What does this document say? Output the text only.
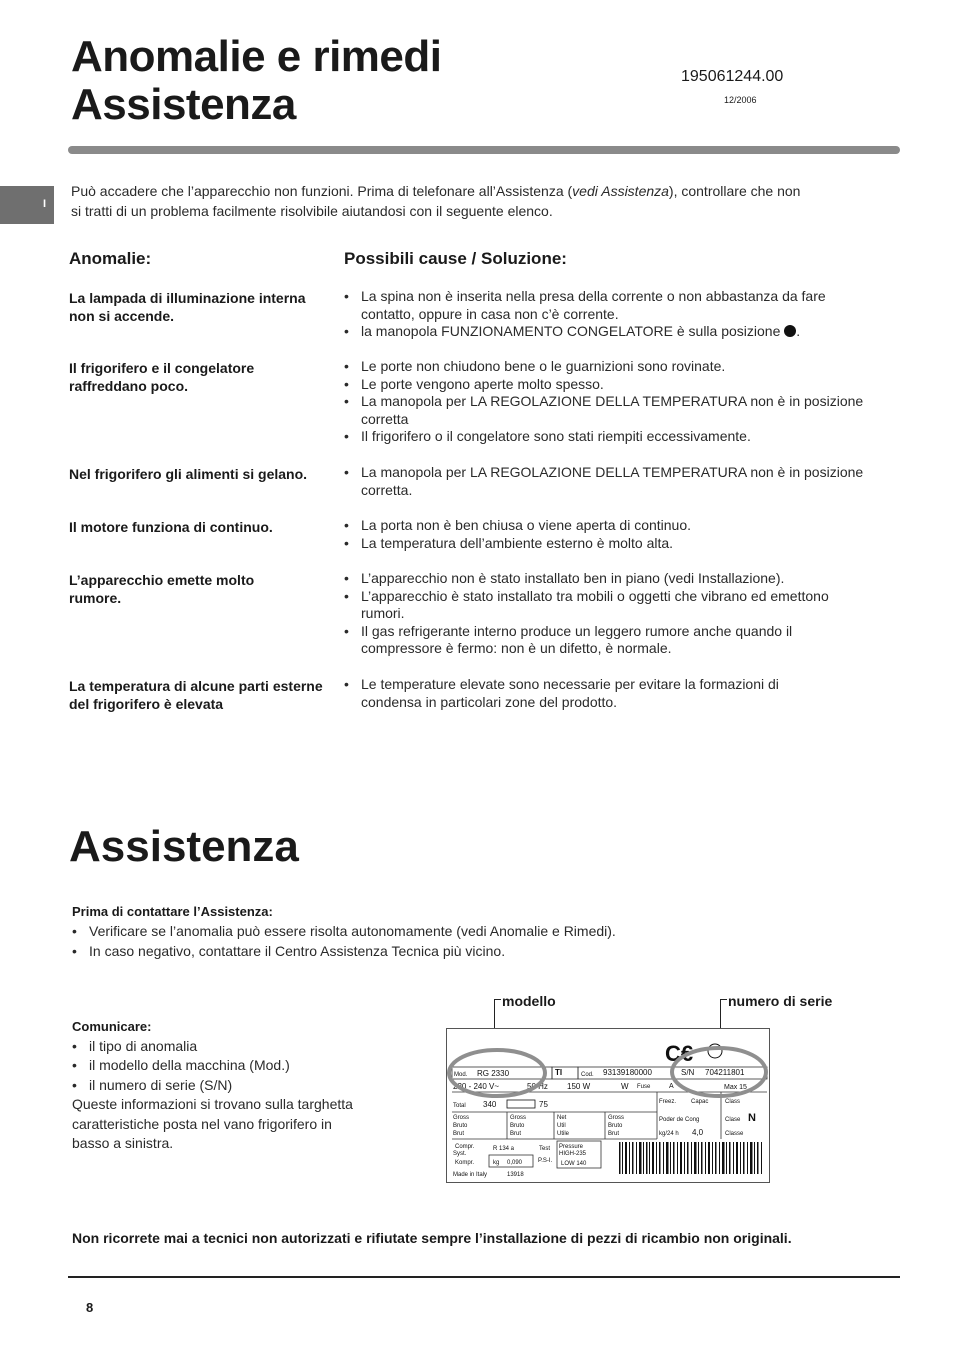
Anomalie e rimedi
Assistenza
195061244.00
12/2006
I

Può accadere che l’apparecchio non funzioni. Prima di telefonare all’Assistenza (vedi Assistenza), controllare che non si tratti di un problema facilmente risolvibile aiutandosi con il seguente elenco.

Anomalie:	Possibili cause / Soluzione:
La lampada di illuminazione interna non si accende.
• La spina non è inserita nella presa della corrente o non abbastanza da fare contatto, oppure in casa non c’è corrente.
• la manopola FUNZIONAMENTO CONGELATORE è sulla posizione .
Il frigorifero e il congelatore raffreddano poco.
• Le porte non chiudono bene o le guarnizioni sono rovinate.
• Le porte vengono aperte molto spesso.
• La manopola per LA REGOLAZIONE DELLA TEMPERATURA non è in posizione corretta
• Il frigorifero o il congelatore sono stati riempiti eccessivamente.
Nel frigorifero gli alimenti si gelano.	• La manopola per LA REGOLAZIONE DELLA TEMPERATURA non è in posizione corretta.
Il motore funziona di continuo.	• La porta non è ben chiusa o viene aperta di continuo.
• La temperatura dell’ambiente esterno è molto alta.
L’apparecchio emette molto rumore.
• L’apparecchio non è stato installato ben in piano (vedi Installazione).
• L’apparecchio è stato installato tra mobili o oggetti che vibrano ed emettono rumori.
• Il gas refrigerante interno produce un leggero rumore anche quando il compressore è fermo: non è un difetto, è normale.
La temperatura di alcune parti esterne del frigorifero è elevata
• Le temperature elevate sono necessarie per evitare la formazioni di condensa in particolari zone del prodotto.
Assistenza
Prima di contattare l’Assistenza:
• Verificare se l’anomalia può essere risolta autonomamente (vedi Anomalie e Rimedi).
• In caso negativo, contattare il Centro Assistenza Tecnica più vicino.
Comunicare:
• il tipo di anomalia
• il modello della macchina (Mod.)
• il numero di serie (S/N)

Queste informazioni si trovano sulla targhetta caratteristiche posta nel vano frigorifero in basso a sinistra.

modello	numero di serie
C€
Mod. RG 2330	TI	Cod. 93139180000	S/N 704211801
220 - 240 V~	50 Hz 150 W	W Fuse	A	Max 15
Total 340	75	Freez. Capac	Class
Gross
Bruto
Brut
Gross
Bruto
Brut
Net
Util
Utile
Gross
Bruto
Brut
Poder de Cong	Clase N
kg/24 h 4,0	Classe
Compr.
Syst.
Kompr.
R 134 a
kg 0,090
Test
P.S-I.
Pressure
HIGH-235
LOW 140
Made in Italy	13918
Non ricorrete mai a tecnici non autorizzati e rifiutate sempre l’installazione di pezzi di ricambio non originali.
8
